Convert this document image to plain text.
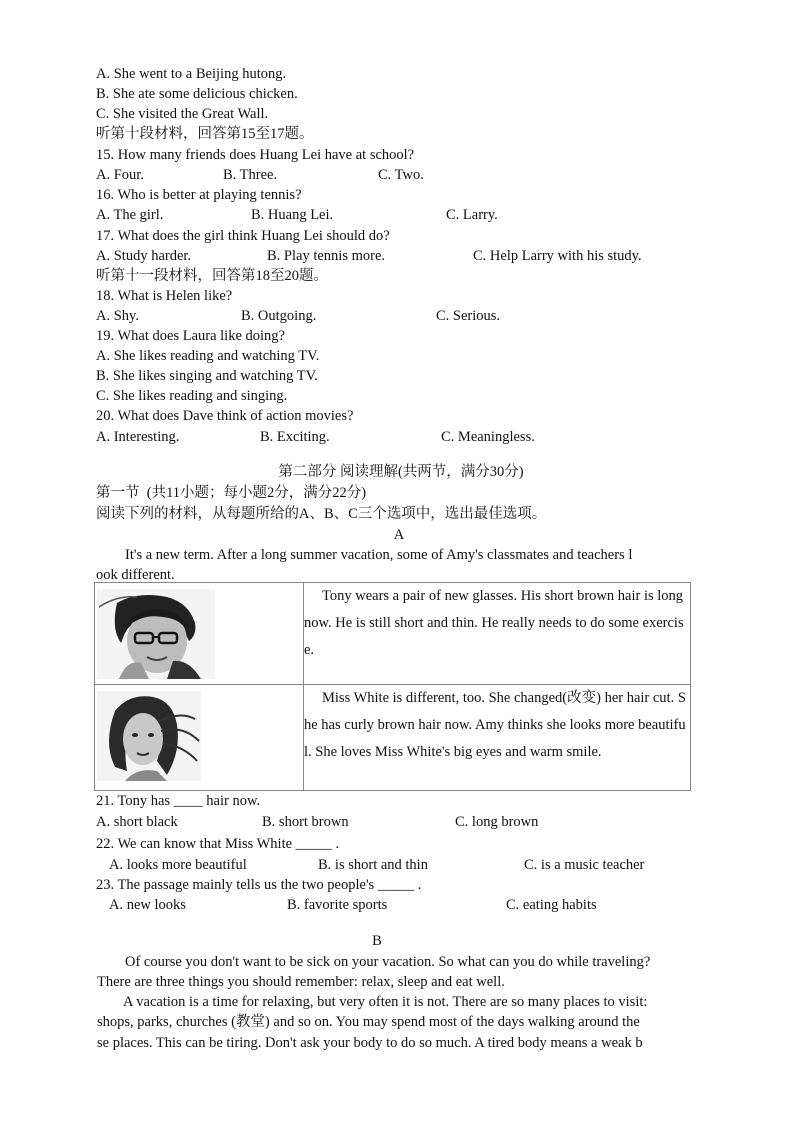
A. She went to a Beijing hutong.
B. She ate some delicious chicken.
C. She visited the Great Wall.
听第十段材料，回答第15至17题。
15. How many friends does Huang Lei have at school?
A. Four.	B. Three.	C. Two.
16. Who is better at playing tennis?
A. The girl.	B. Huang Lei.	C. Larry.
17. What does the girl think Huang Lei should do?
A. Study harder.	B. Play tennis more.	C. Help Larry with his study.
听第十一段材料，回答第18至20题。
18. What is Helen like?
A. Shy.	B. Outgoing.	C. Serious.
19. What does Laura like doing?
A. She likes reading and watching TV.
B. She likes singing and watching TV.
C. She likes reading and singing.
20. What does Dave think of action movies?
A. Interesting.	B. Exciting.	C. Meaningless.
第二部分 阅读理解(共两节，满分30分)
第一节  (共11小题；每小题2分，满分22分)
阅读下列的材料，从每题所给的A、B、C三个选项中，选出最佳选项。
A
It's a new term. After a long summer vacation, some of Amy's classmates and teachers l
ook different.

Tony wears a pair of new glasses. His short brown hair is long now. He is still short and thin. He really needs to do some exercise.

Miss White is different, too. She changed(改变) her hair cut. She has curly brown hair now. Amy thinks she looks more beautiful. She loves Miss White's big eyes and warm smile.
21. Tony has ____ hair now.
A. short black	B. short brown	C. long brown
22. We can know that Miss White _____ .
A. looks more beautiful	B. is short and thin	C. is a music teacher
23. The passage mainly tells us the two people's _____ .
A. new looks	B. favorite sports	C. eating habits
B
Of course you don't want to be sick on your vacation. So what can you do while traveling?
There are three things you should remember: relax, sleep and eat well.
A vacation is a time for relaxing, but very often it is not. There are so many places to visit:
shops, parks, churches (教堂) and so on. You may spend most of the days walking around the
se places. This can be tiring. Don't ask your body to do so much. A tired body means a weak b
